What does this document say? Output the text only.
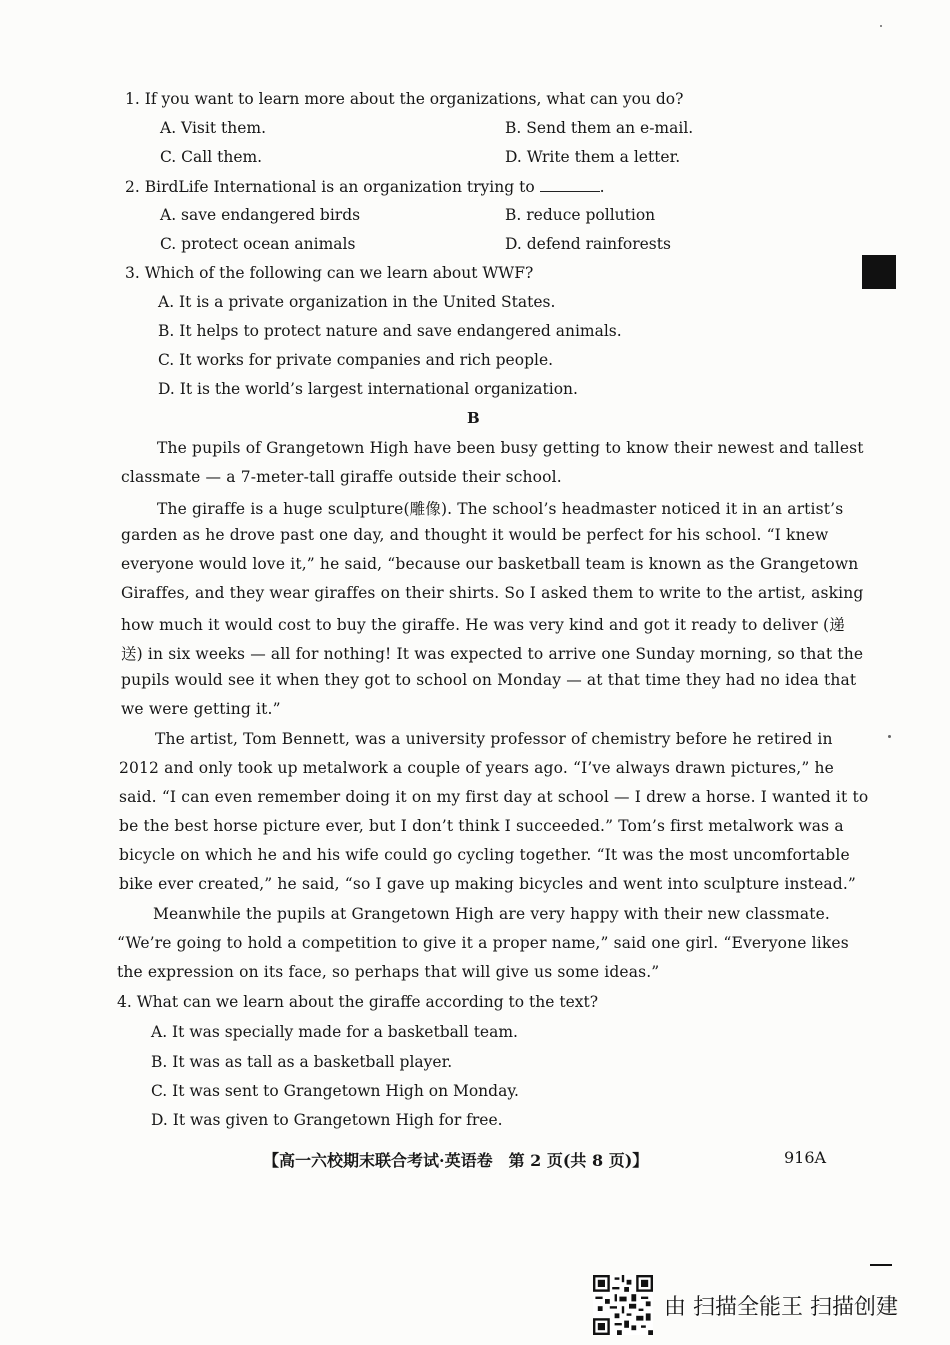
1. If you want to learn more about the organizations, what can you do?
A. Visit them.	B. Send them an e-mail.
C. Call them.	D. Write them a letter.
2. BirdLife International is an organization trying to	.
A. save endangered birds	B. reduce pollution
C. protect ocean animals	D. defend rainforests
3. Which of the following can we learn about WWF?
A. It is a private organization in the United States.
B. It helps to protect nature and save endangered animals.
C. It works for private companies and rich people.
D. It is the world’s largest international organization.
B
The pupils of Grangetown High have been busy getting to know their newest and tallest
classmate — a 7-meter-tall giraffe outside their school.
The giraffe is a huge sculpture(雕像). The school’s headmaster noticed it in an artist’s
garden as he drove past one day, and thought it would be perfect for his school. “I knew
everyone would love it,” he said, “because our basketball team is known as the Grangetown
Giraffes, and they wear giraffes on their shirts. So I asked them to write to the artist, asking
how much it would cost to buy the giraffe. He was very kind and got it ready to deliver (递
送) in six weeks — all for nothing! It was expected to arrive one Sunday morning, so that the
pupils would see it when they got to school on Monday — at that time they had no idea that
we were getting it.”
The artist, Tom Bennett, was a university professor of chemistry before he retired in
2012 and only took up metalwork a couple of years ago. “I’ve always drawn pictures,” he
said. “I can even remember doing it on my first day at school — I drew a horse. I wanted it to
be the best horse picture ever, but I don’t think I succeeded.” Tom’s first metalwork was a
bicycle on which he and his wife could go cycling together. “It was the most uncomfortable
bike ever created,” he said, “so I gave up making bicycles and went into sculpture instead.”
Meanwhile the pupils at Grangetown High are very happy with their new classmate.
“We’re going to hold a competition to give it a proper name,” said one girl. “Everyone likes
the expression on its face, so perhaps that will give us some ideas.”
4. What can we learn about the giraffe according to the text?
A. It was specially made for a basketball team.
B. It was as tall as a basketball player.
C. It was sent to Grangetown High on Monday.
D. It was given to Grangetown High for free.
【高一六校期末联合考试·英语卷　第 2 页(共 8 页)】	916A
由 扫描全能王 扫描创建
